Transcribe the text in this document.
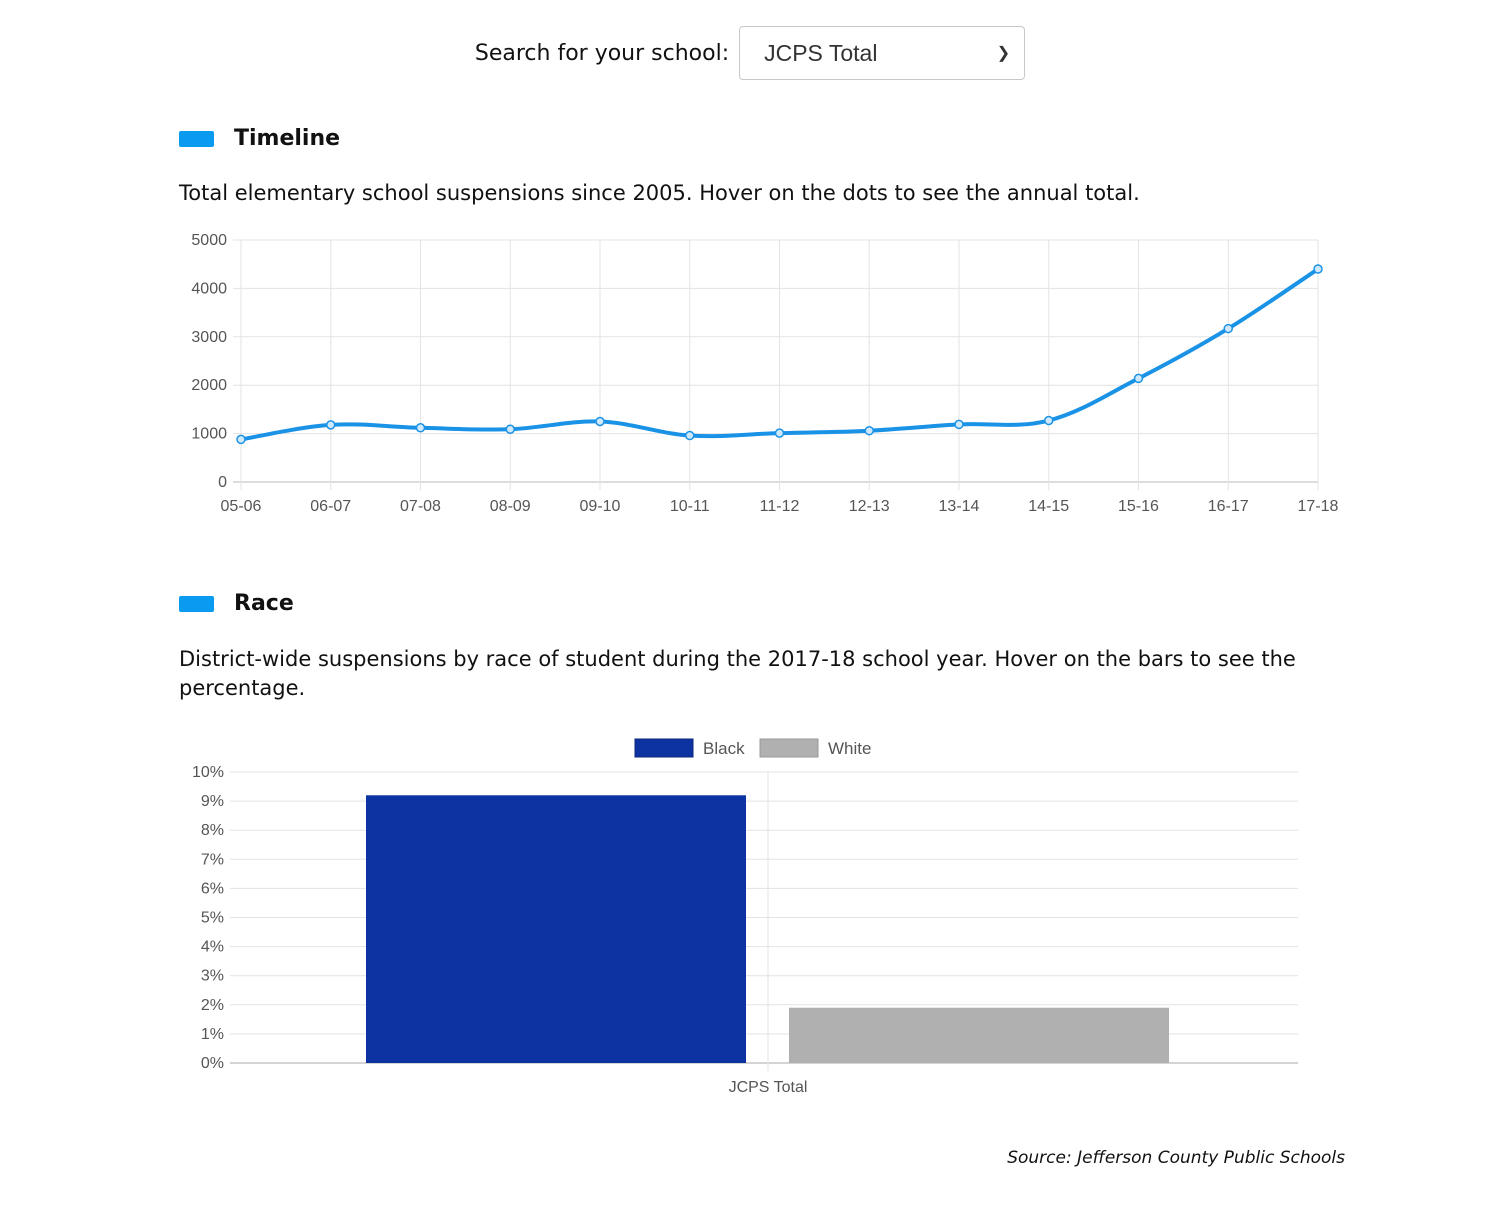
Search for your school: JCPS Total	❯
Timeline
Total elementary school suspensions since 2005. Hover on the dots to see the annual total.
0
1000
2000
3000
4000
5000
05-06	06-07	07-08	08-09	09-10	10-11	11-12	12-13	13-14	14-15	15-16	16-17	17-18
Race
District-wide suspensions by race of student during the 2017-18 school year. Hover on the bars to see the percentage.
Black	White
0%
1%
2%
3%
4%
5%
6%
7%
8%
9%
10%
JCPS Total
Source: Jefferson County Public Schools
